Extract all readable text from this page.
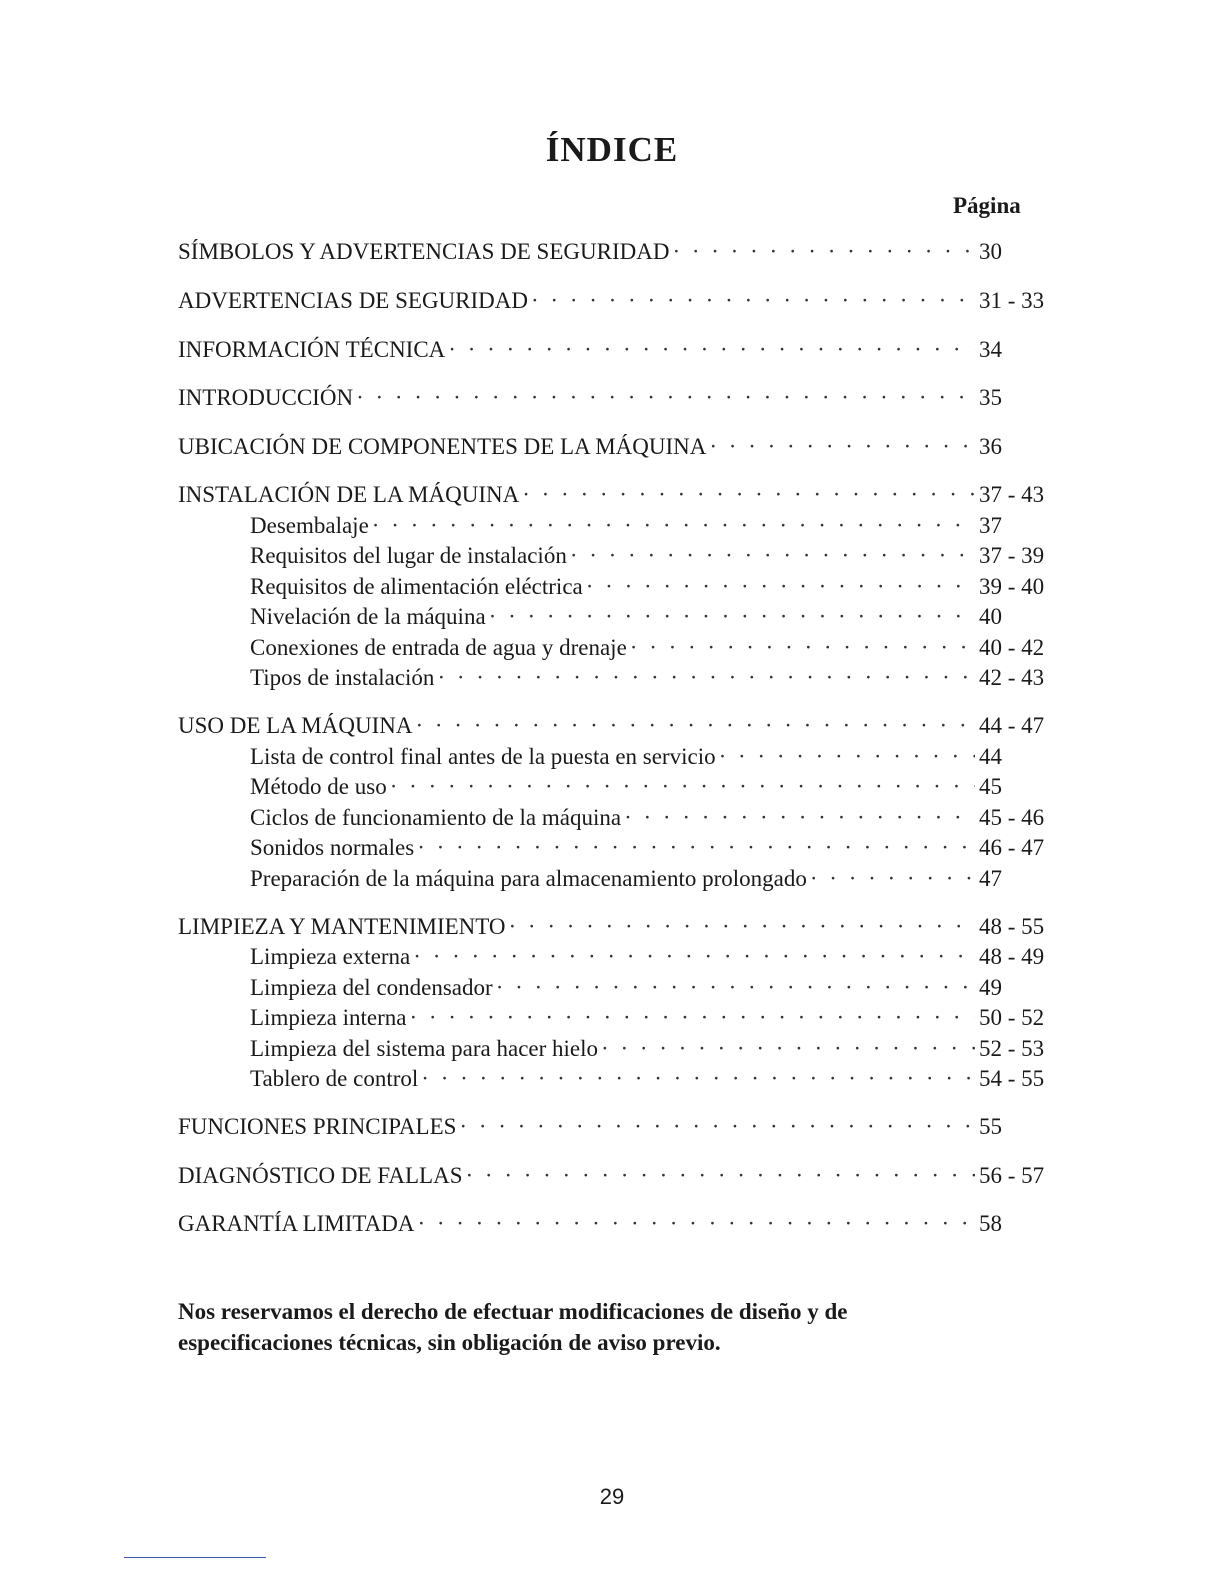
ÍNDICE
Página
SÍMBOLOS Y ADVERTENCIAS DE SEGURIDAD · · ·	30
ADVERTENCIAS DE SEGURIDAD · · ·	31 - 33
INFORMACIÓN TÉCNICA · · ·	34
INTRODUCCIÓN · · ·	35
UBICACIÓN DE COMPONENTES DE LA MÁQUINA · · ·	36
INSTALACIÓN DE LA MÁQUINA · · ·	37 - 43
Desembalaje · · ·	37
Requisitos del lugar de instalación · · ·	37 - 39
Requisitos de alimentación eléctrica · · ·	39 - 40
Nivelación de la máquina · · ·	40
Conexiones de entrada de agua y drenaje · · ·	40 - 42
Tipos de instalación · · ·	42 - 43
USO DE LA MÁQUINA · · ·	44 - 47
Lista de control final antes de la puesta en servicio · · ·	44
Método de uso · · ·	45
Ciclos de funcionamiento de la máquina · · ·	45 - 46
Sonidos normales · · ·	46 - 47
Preparación de la máquina para almacenamiento prolongado · · ·	47
LIMPIEZA Y MANTENIMIENTO · · ·	48 - 55
Limpieza externa · · ·	48 - 49
Limpieza del condensador · · ·	49
Limpieza interna · · ·	50 - 52
Limpieza del sistema para hacer hielo · · ·	52 - 53
Tablero de control · · ·	54 - 55
FUNCIONES PRINCIPALES · · ·	55
DIAGNÓSTICO DE FALLAS · · ·	56 - 57
GARANTÍA LIMITADA · · ·	58

Nos reservamos el derecho de efectuar modificaciones de diseño y de especificaciones técnicas, sin obligación de aviso previo.

29
